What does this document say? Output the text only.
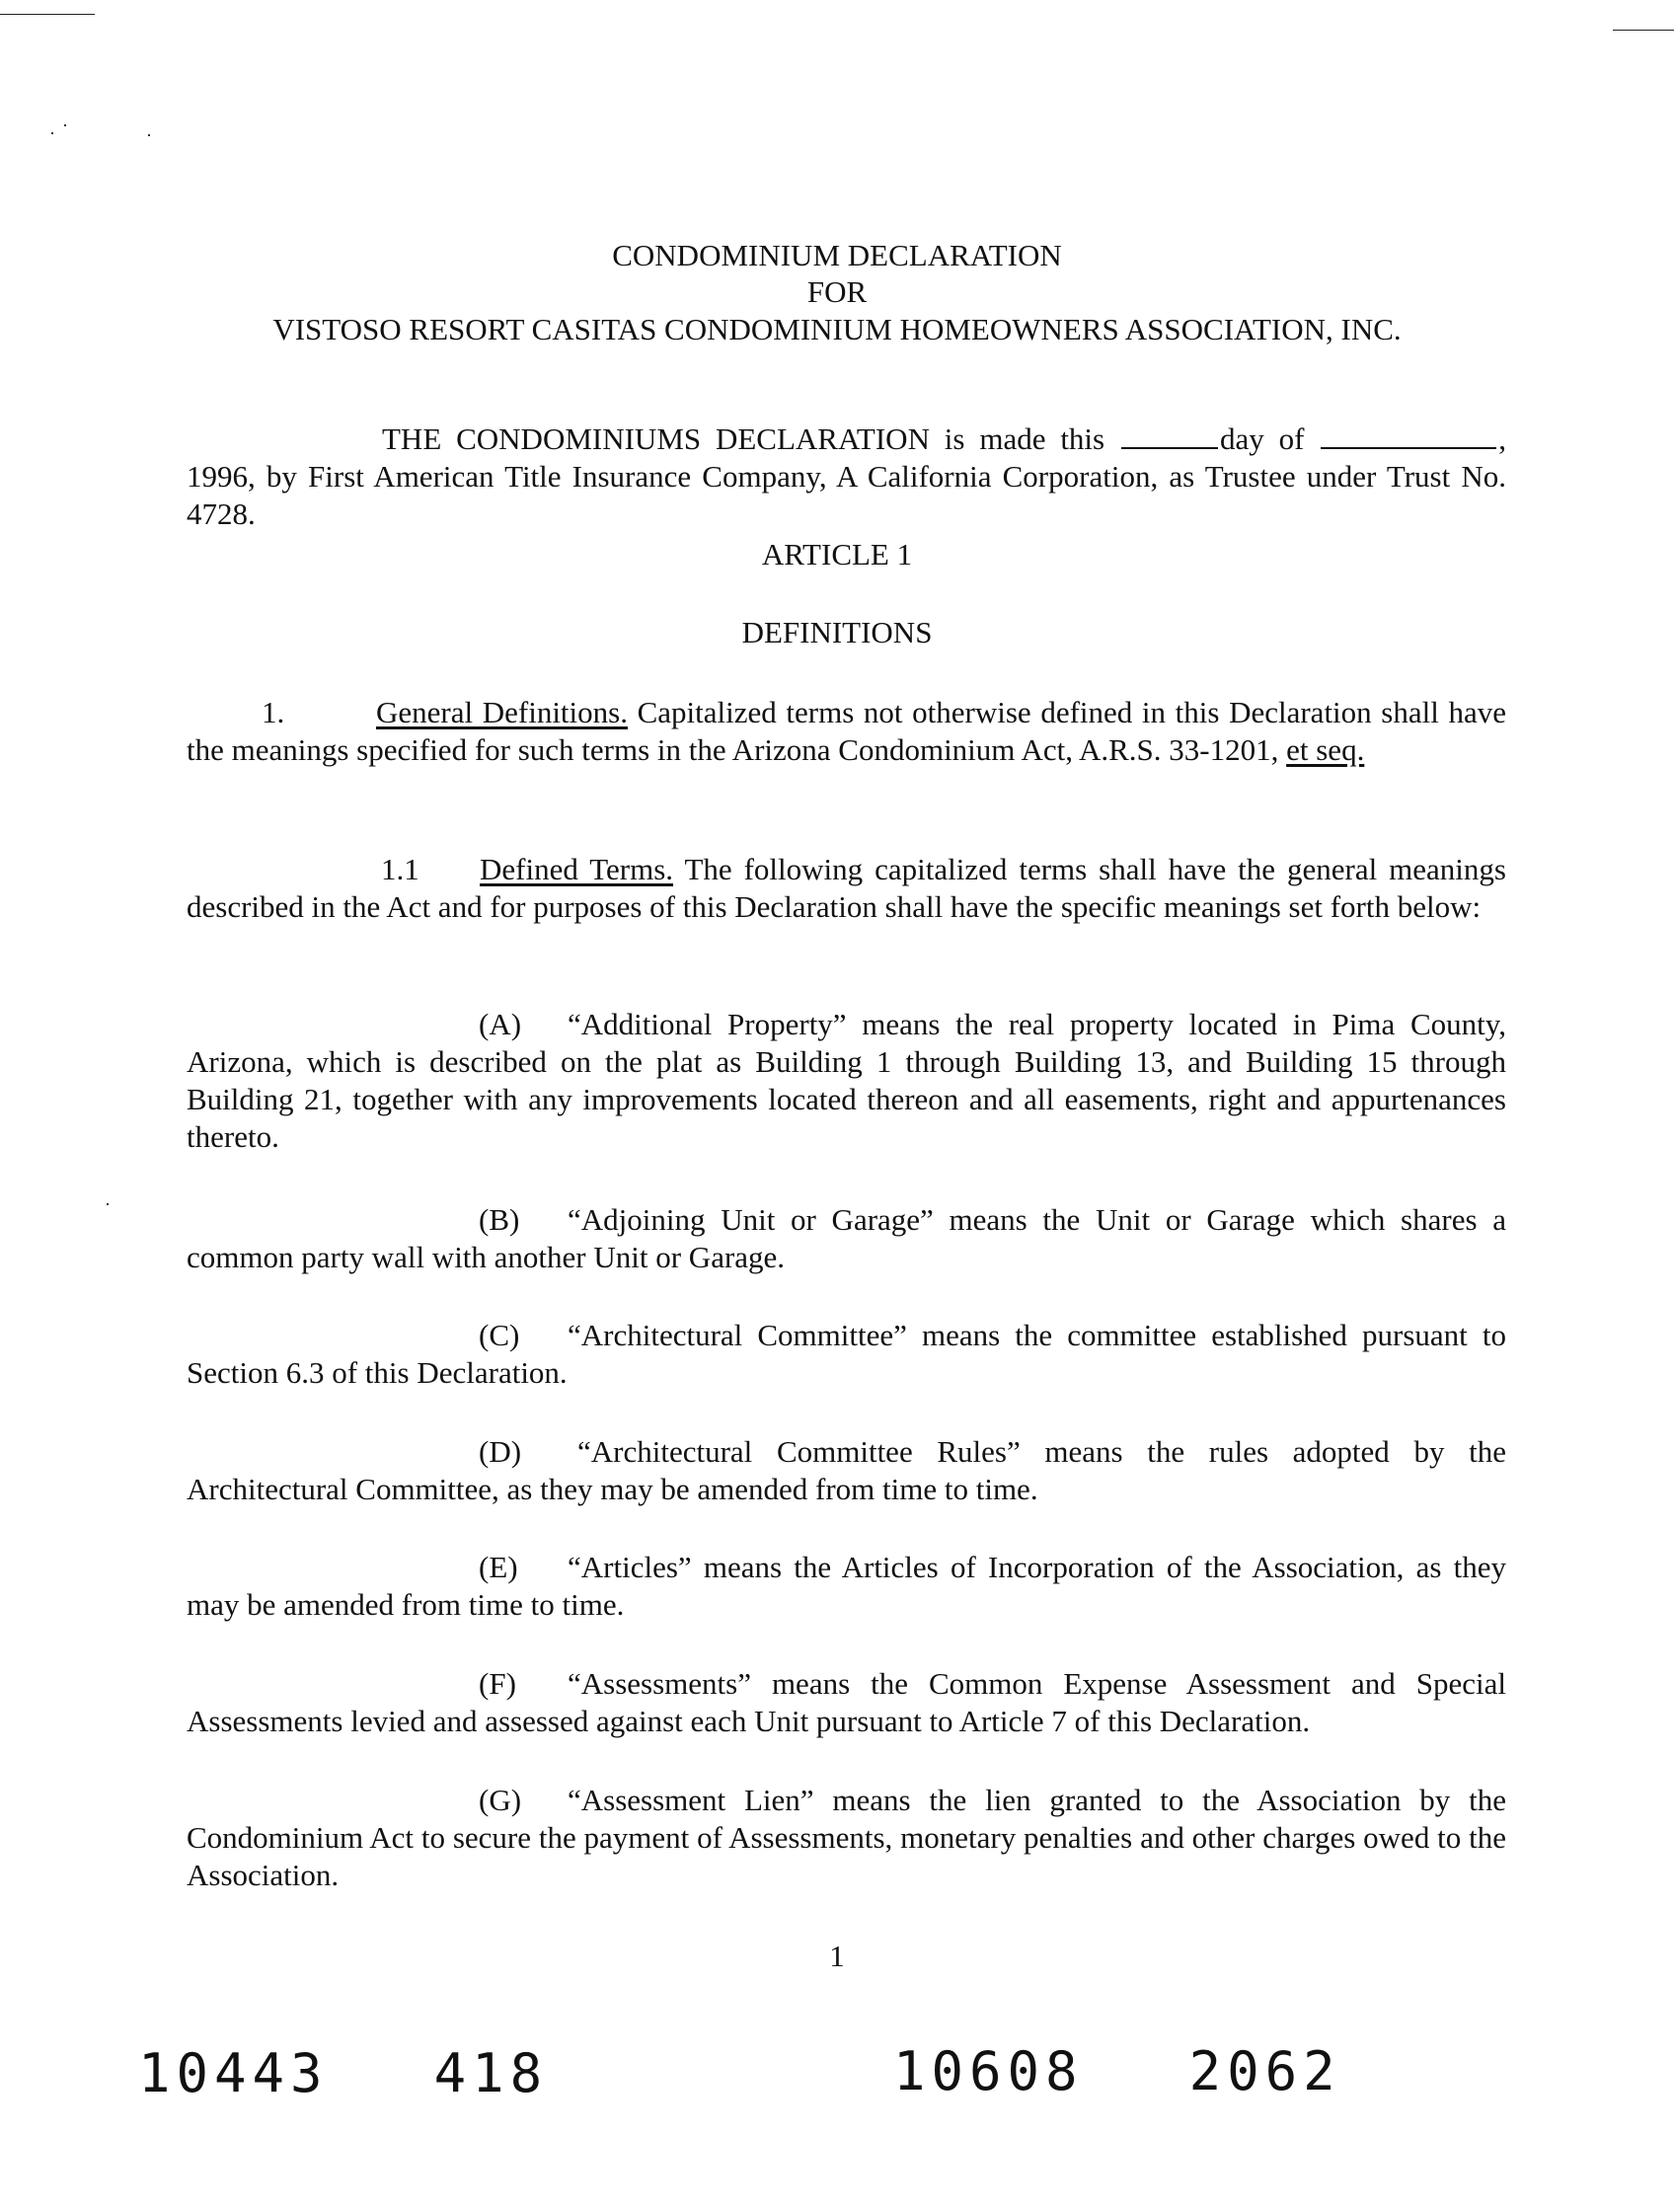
CONDOMINIUM DECLARATION
FOR
VISTOSO RESORT CASITAS CONDOMINIUM HOMEOWNERS ASSOCIATION, INC.
THE CONDOMINIUMS DECLARATION is made this	day of	, 1996, by First American Title Insurance Company, A California Corporation, as Trustee under Trust No. 4728.
ARTICLE 1
DEFINITIONS
1.	General Definitions. Capitalized terms not otherwise defined in this Declaration shall have the meanings specified for such terms in the Arizona Condominium Act, A.R.S. 33-1201, et seq.
1.1 Defined Terms. The following capitalized terms shall have the general meanings described in the Act and for purposes of this Declaration shall have the specific meanings set forth below:
(A) “Additional Property” means the real property located in Pima County, Arizona, which is described on the plat as Building 1 through Building 13, and Building 15 through Building 21, together with any improvements located thereon and all easements, right and appurtenances thereto.
(B) “Adjoining Unit or Garage” means the Unit or Garage which shares a common party wall with another Unit or Garage.
(C) “Architectural Committee” means the committee established pursuant to Section 6.3 of this Declaration.
(D) “Architectural Committee Rules” means the rules adopted by the Architectural Committee, as they may be amended from time to time.
(E) “Articles” means the Articles of Incorporation of the Association, as they may be amended from time to time.
(F) “Assessments” means the Common Expense Assessment and Special Assessments levied and assessed against each Unit pursuant to Article 7 of this Declaration.
(G) “Assessment Lien” means the lien granted to the Association by the Condominium Act to secure the payment of Assessments, monetary penalties and other charges owed to the Association.
1
10443 418	10608 2062
